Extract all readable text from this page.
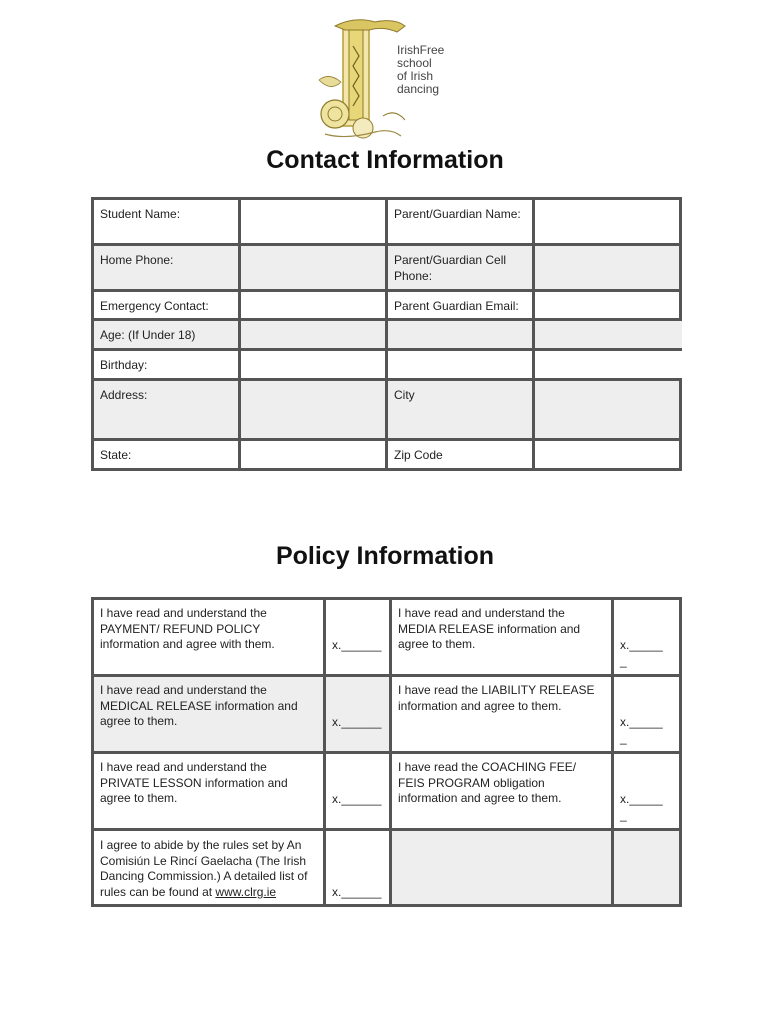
IrishFree
school
of Irish
dancing
Contact Information
Student Name:		Parent/Guardian Name:	
Home Phone:		Parent/Guardian Cell Phone:	
Emergency Contact:		Parent Guardian Email:	
Age: (If Under 18)			
Birthday:			
Address:		City	
State:		Zip Code	
Policy Information
I have read and understand the PAYMENT/ REFUND POLICY information and agree with them.	x.______	I have read and understand the MEDIA RELEASE information and agree to them.	x._____
_

I have read and understand the MEDICAL RELEASE information and agree to them.	x.______	I have read the LIABILITY RELEASE information and agree to them.	x._____
_

I have read and understand the PRIVATE LESSON information and agree to them.	x.______	I have read the COACHING FEE/ FEIS PROGRAM obligation information and agree to them.	x._____
_

I agree to abide by the rules set by An Comisiún Le Rincí Gaelacha (The Irish Dancing Commission.) A detailed list of rules can be found at www.clrg.ie	x.______		
